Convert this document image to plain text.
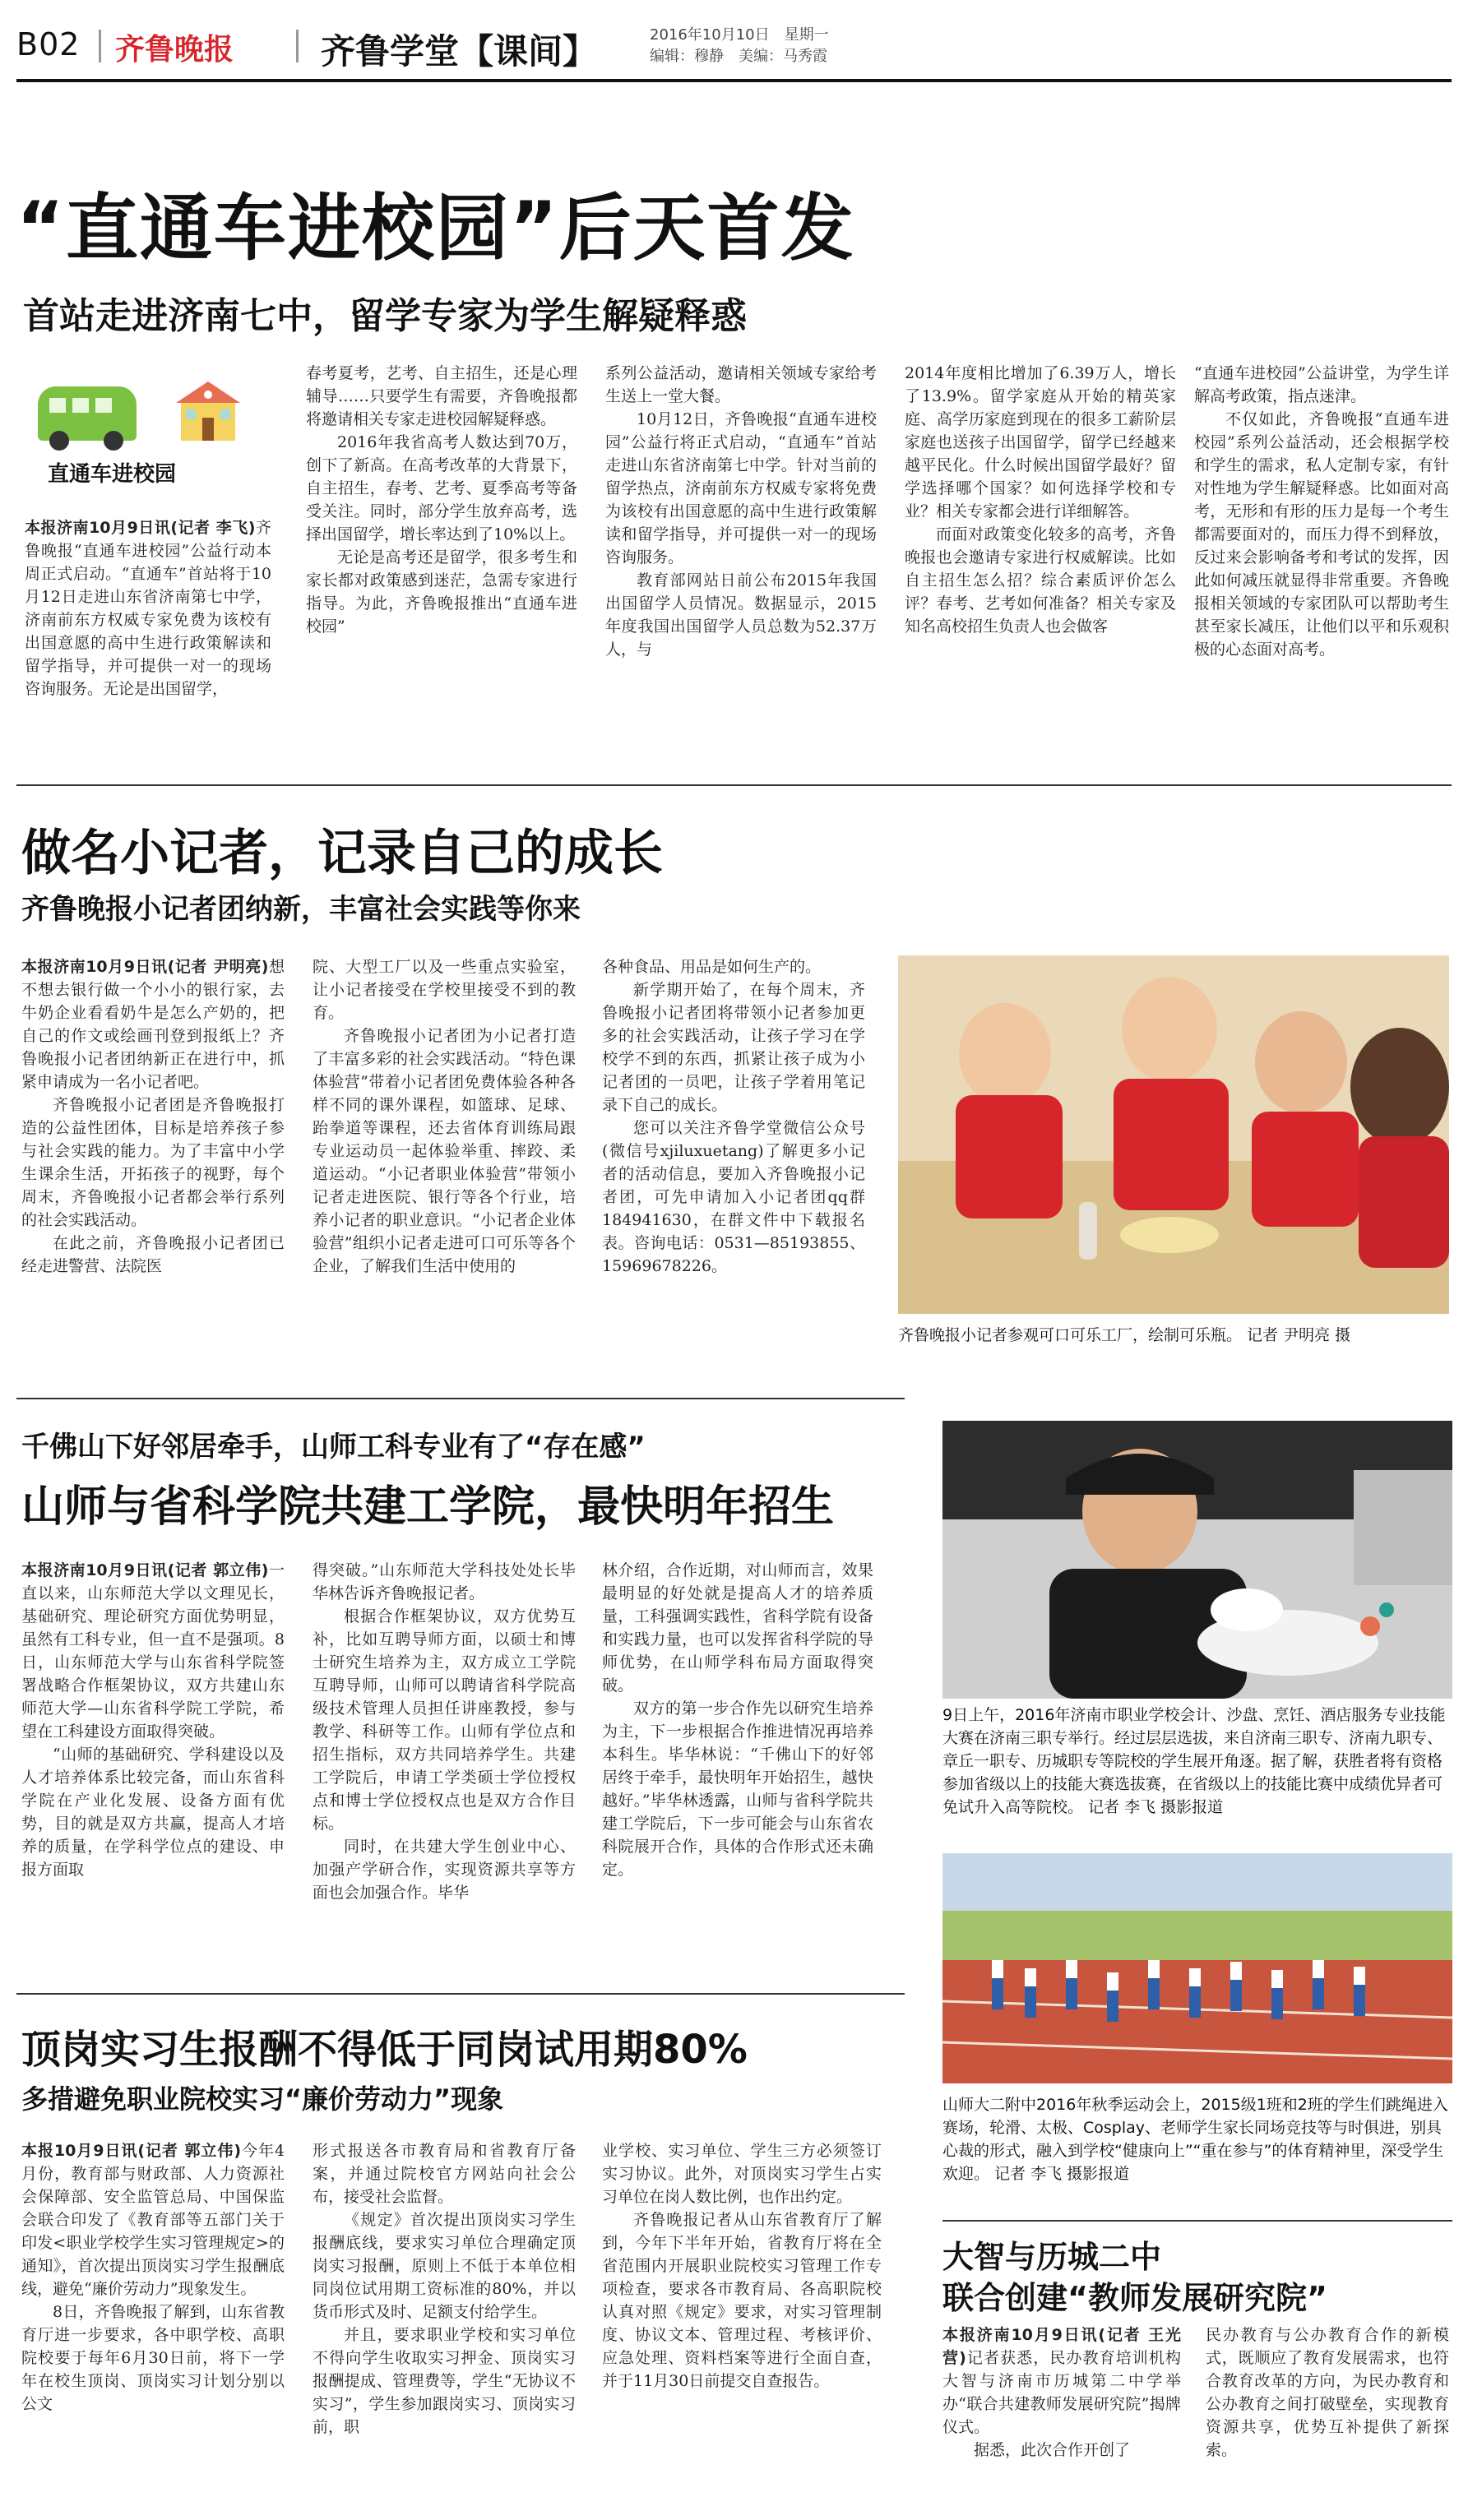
B02 齐鲁晚报	齐鲁学堂【课间】	2016年10月10日　星期一
编辑：穆静　美编：马秀霞
“直通车进校园”后天首发
首站走进济南七中，留学专家为学生解疑释惑
直通车进校园

本报济南10月9日讯(记者 李飞)齐鲁晚报“直通车进校园”公益行动本周正式启动。“直通车”首站将于10月12日走进山东省济南第七中学，济南前东方权威专家免费为该校有出国意愿的高中生进行政策解读和留学指导，并可提供一对一的现场咨询服务。无论是出国留学，

春考夏考，艺考、自主招生，还是心理辅导……只要学生有需要，齐鲁晚报都将邀请相关专家走进校园解疑释惑。

2016年我省高考人数达到70万，创下了新高。在高考改革的大背景下，自主招生，春考、艺考、夏季高考等备受关注。同时，部分学生放弃高考，选择出国留学，增长率达到了10%以上。

无论是高考还是留学，很多考生和家长都对政策感到迷茫，急需专家进行指导。为此，齐鲁晚报推出“直通车进校园”

系列公益活动，邀请相关领域专家给考生送上一堂大餐。

10月12日，齐鲁晚报“直通车进校园”公益行将正式启动，“直通车”首站走进山东省济南第七中学。针对当前的留学热点，济南前东方权威专家将免费为该校有出国意愿的高中生进行政策解读和留学指导，并可提供一对一的现场咨询服务。

教育部网站日前公布2015年我国出国留学人员情况。数据显示，2015年度我国出国留学人员总数为52.37万人，与

2014年度相比增加了6.39万人，增长了13.9%。留学家庭从开始的精英家庭、高学历家庭到现在的很多工薪阶层家庭也送孩子出国留学，留学已经越来越平民化。什么时候出国留学最好？留学选择哪个国家？如何选择学校和专业？相关专家都会进行详细解答。

而面对政策变化较多的高考，齐鲁晚报也会邀请专家进行权威解读。比如自主招生怎么招？综合素质评价怎么评？春考、艺考如何准备？相关专家及知名高校招生负责人也会做客

“直通车进校园”公益讲堂，为学生详解高考政策，指点迷津。

不仅如此，齐鲁晚报“直通车进校园”系列公益活动，还会根据学校和学生的需求，私人定制专家，有针对性地为学生解疑释惑。比如面对高考，无形和有形的压力是每一个考生都需要面对的，而压力得不到释放，反过来会影响备考和考试的发挥，因此如何减压就显得非常重要。齐鲁晚报相关领域的专家团队可以帮助考生甚至家长减压，让他们以平和乐观积极的心态面对高考。

做名小记者，记录自己的成长
齐鲁晚报小记者团纳新，丰富社会实践等你来

本报济南10月9日讯(记者 尹明亮)想不想去银行做一个小小的银行家，去牛奶企业看看奶牛是怎么产奶的，把自己的作文或绘画刊登到报纸上？齐鲁晚报小记者团纳新正在进行中，抓紧申请成为一名小记者吧。

齐鲁晚报小记者团是齐鲁晚报打造的公益性团体，目标是培养孩子参与社会实践的能力。为了丰富中小学生课余生活，开拓孩子的视野，每个周末，齐鲁晚报小记者都会举行系列的社会实践活动。

在此之前，齐鲁晚报小记者团已经走进警营、法院医

院、大型工厂以及一些重点实验室，让小记者接受在学校里接受不到的教育。

齐鲁晚报小记者团为小记者打造了丰富多彩的社会实践活动。“特色课体验营”带着小记者团免费体验各种各样不同的课外课程，如篮球、足球、跆拳道等课程，还去省体育训练局跟专业运动员一起体验举重、摔跤、柔道运动。“小记者职业体验营”带领小记者走进医院、银行等各个行业，培养小记者的职业意识。“小记者企业体验营”组织小记者走进可口可乐等各个企业，了解我们生活中使用的

各种食品、用品是如何生产的。

新学期开始了，在每个周末，齐鲁晚报小记者团将带领小记者参加更多的社会实践活动，让孩子学习在学校学不到的东西，抓紧让孩子成为小记者团的一员吧，让孩子学着用笔记录下自己的成长。

您可以关注齐鲁学堂微信公众号(微信号xjiluxuetang)了解更多小记者的活动信息，要加入齐鲁晚报小记者团，可先申请加入小记者团qq群184941630，在群文件中下载报名表。咨询电话：0531—85193855、15969678226。

齐鲁晚报小记者参观可口可乐工厂，绘制可乐瓶。 记者 尹明亮 摄
千佛山下好邻居牵手，山师工科专业有了“存在感”
山师与省科学院共建工学院，最快明年招生

本报济南10月9日讯(记者 郭立伟)一直以来，山东师范大学以文理见长，基础研究、理论研究方面优势明显，虽然有工科专业，但一直不是强项。8日，山东师范大学与山东省科学院签署战略合作框架协议，双方共建山东师范大学—山东省科学院工学院，希望在工科建设方面取得突破。

“山师的基础研究、学科建设以及人才培养体系比较完备，而山东省科学院在产业化发展、设备方面有优势，目的就是双方共赢，提高人才培养的质量，在学科学位点的建设、申报方面取

得突破。”山东师范大学科技处处长毕华林告诉齐鲁晚报记者。

根据合作框架协议，双方优势互补，比如互聘导师方面，以硕士和博士研究生培养为主，双方成立工学院互聘导师，山师可以聘请省科学院高级技术管理人员担任讲座教授，参与教学、科研等工作。山师有学位点和招生指标，双方共同培养学生。共建工学院后，申请工学类硕士学位授权点和博士学位授权点也是双方合作目标。

同时，在共建大学生创业中心、加强产学研合作，实现资源共享等方面也会加强合作。毕华

林介绍，合作近期，对山师而言，效果最明显的好处就是提高人才的培养质量，工科强调实践性，省科学院有设备和实践力量，也可以发挥省科学院的导师优势，在山师学科布局方面取得突破。

双方的第一步合作先以研究生培养为主，下一步根据合作推进情况再培养本科生。毕华林说：“千佛山下的好邻居终于牵手，最快明年开始招生，越快越好。”毕华林透露，山师与省科学院共建工学院后，下一步可能会与山东省农科院展开合作，具体的合作形式还未确定。

9日上午，2016年济南市职业学校会计、沙盘、烹饪、酒店服务专业技能大赛在济南三职专举行。经过层层选拔，来自济南三职专、济南九职专、章丘一职专、历城职专等院校的学生展开角逐。据了解，获胜者将有资格参加省级以上的技能大赛选拔赛，在省级以上的技能比赛中成绩优异者可免试升入高等院校。 记者 李飞 摄影报道
山师大二附中2016年秋季运动会上，2015级1班和2班的学生们跳绳进入赛场，轮滑、太极、Cosplay、老师学生家长同场竞技等与时俱进，别具心裁的形式，融入到学校“健康向上”“重在参与”的体育精神里，深受学生欢迎。 记者 李飞 摄影报道
顶岗实习生报酬不得低于同岗试用期80%
多措避免职业院校实习“廉价劳动力”现象

本报10月9日讯(记者 郭立伟)今年4月份，教育部与财政部、人力资源社会保障部、安全监管总局、中国保监会联合印发了《教育部等五部门关于印发<职业学校学生实习管理规定>的通知》，首次提出顶岗实习学生报酬底线，避免“廉价劳动力”现象发生。

8日，齐鲁晚报了解到，山东省教育厅进一步要求，各中职学校、高职院校要于每年6月30日前，将下一学年在校生顶岗、顶岗实习计划分别以公文

形式报送各市教育局和省教育厅备案，并通过院校官方网站向社会公布，接受社会监督。

《规定》首次提出顶岗实习学生报酬底线，要求实习单位合理确定顶岗实习报酬，原则上不低于本单位相同岗位试用期工资标准的80%，并以货币形式及时、足额支付给学生。

并且，要求职业学校和实习单位不得向学生收取实习押金、顶岗实习报酬提成、管理费等，学生“无协议不实习”，学生参加跟岗实习、顶岗实习前，职

业学校、实习单位、学生三方必须签订实习协议。此外，对顶岗实习学生占实习单位在岗人数比例，也作出约定。

齐鲁晚报记者从山东省教育厅了解到，今年下半年开始，省教育厅将在全省范围内开展职业院校实习管理工作专项检查，要求各市教育局、各高职院校认真对照《规定》要求，对实习管理制度、协议文本、管理过程、考核评价、应急处理、资料档案等进行全面自查，并于11月30日前提交自查报告。

大智与历城二中
联合创建“教师发展研究院”

本报济南10月9日讯(记者 王光营)记者获悉，民办教育培训机构大智与济南市历城第二中学举办“联合共建教师发展研究院”揭牌仪式。

据悉，此次合作开创了

民办教育与公办教育合作的新模式，既顺应了教育发展需求，也符合教育改革的方向，为民办教育和公办教育之间打破壁垒，实现教育资源共享，优势互补提供了新探索。
